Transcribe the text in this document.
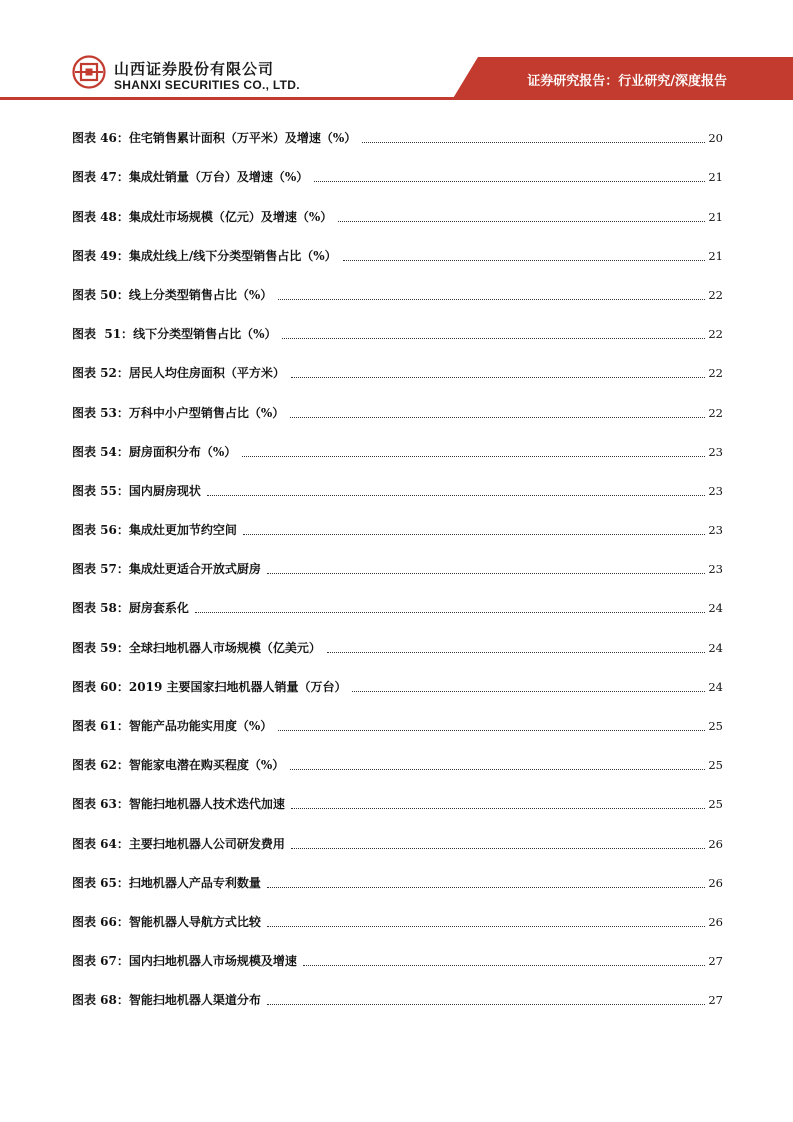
山西证券股份有限公司
SHANXI SECURITIES CO., LTD.	证券研究报告：行业研究/深度报告
图表 46： 住宅销售累计面积（万平米）及增速（%）	20
图表 47： 集成灶销量（万台）及增速（%）	21
图表 48： 集成灶市场规模（亿元）及增速（%）	21
图表 49： 集成灶线上/线下分类型销售占比（%）	21
图表 50： 线上分类型销售占比（%）	22
图表  51： 线下分类型销售占比（%）	22
图表 52： 居民人均住房面积（平方米）	22
图表 53： 万科中小户型销售占比（%）	22
图表 54： 厨房面积分布（%）	23
图表 55： 国内厨房现状	23
图表 56： 集成灶更加节约空间	23
图表 57： 集成灶更适合开放式厨房	23
图表 58： 厨房套系化	24
图表 59： 全球扫地机器人市场规模（亿美元）	24
图表 60： 2019 主要国家扫地机器人销量（万台）	24
图表 61： 智能产品功能实用度（%）	25
图表 62： 智能家电潜在购买程度（%）	25
图表 63： 智能扫地机器人技术迭代加速	25
图表 64： 主要扫地机器人公司研发费用	26
图表 65： 扫地机器人产品专利数量	26
图表 66： 智能机器人导航方式比较	26
图表 67： 国内扫地机器人市场规模及增速	27
图表 68： 智能扫地机器人渠道分布	27
